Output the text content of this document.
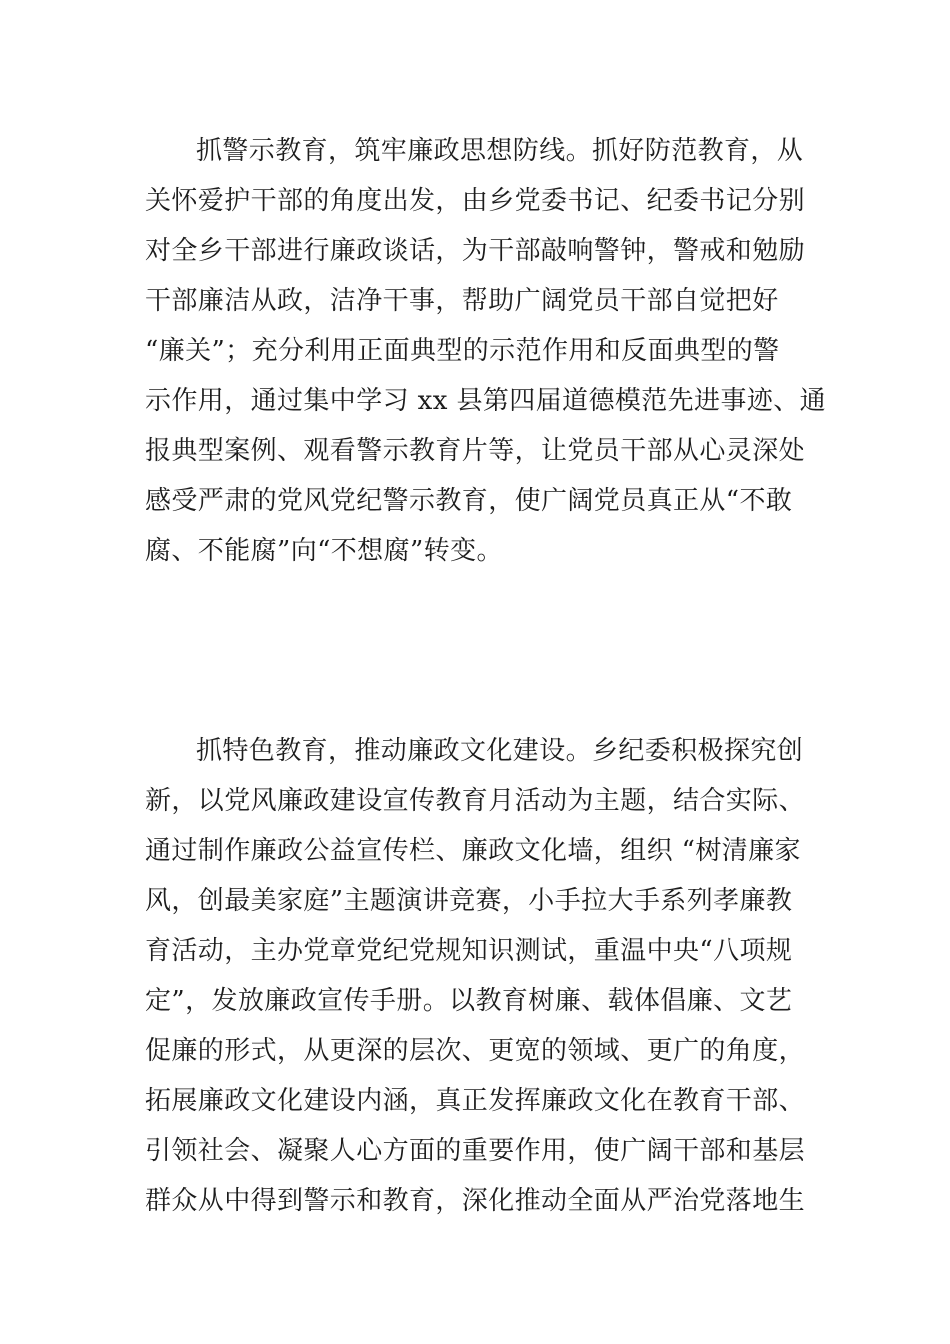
抓警示教育，筑牢廉政思想防线。抓好防范教育，从
关怀爱护干部的角度出发，由乡党委书记、纪委书记分别
对全乡干部进行廉政谈话，为干部敲响警钟，警戒和勉励
干部廉洁从政，洁净干事，帮助广阔党员干部自觉把好
“廉关”；充分利用正面典型的示范作用和反面典型的警
示作用，通过集中学习 xx 县第四届道德模范先进事迹、通
报典型案例、观看警示教育片等，让党员干部从心灵深处
感受严肃的党风党纪警示教育，使广阔党员真正从“不敢
腐、不能腐”向“不想腐”转变。
抓特色教育，推动廉政文化建设。乡纪委积极探究创
新，以党风廉政建设宣传教育月活动为主题，结合实际、
通过制作廉政公益宣传栏、廉政文化墙，组织 “树清廉家
风，创最美家庭”主题演讲竞赛，小手拉大手系列孝廉教
育活动，主办党章党纪党规知识测试，重温中央“八项规
定”，发放廉政宣传手册。以教育树廉、载体倡廉、文艺
促廉的形式，从更深的层次、更宽的领域、更广的角度，
拓展廉政文化建设内涵，真正发挥廉政文化在教育干部、
引领社会、凝聚人心方面的重要作用，使广阔干部和基层
群众从中得到警示和教育，深化推动全面从严治党落地生
